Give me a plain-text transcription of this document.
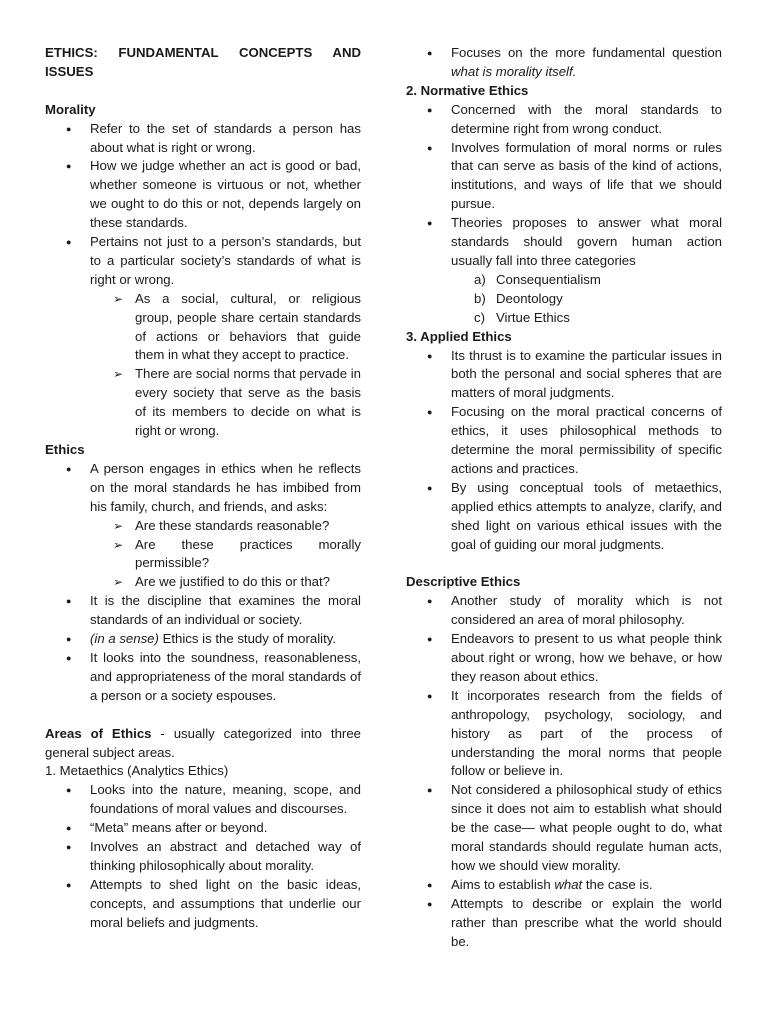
ETHICS: FUNDAMENTAL CONCEPTS AND

ISSUES

Morality

● Refer to the set of standards a person has about what is right or wrong.
● How we judge whether an act is good or bad, whether someone is virtuous or not, whether we ought to do this or not, depends largely on these standards.
● Pertains not just to a person’s standards, but to a particular society’s standards of what is right or wrong.
➢ As a social, cultural, or religious group, people share certain standards of actions or behaviors that guide them in what they accept to practice.
➢ There are social norms that pervade in every society that serve as the basis of its members to decide on what is right or wrong.

Ethics

● A person engages in ethics when he reflects on the moral standards he has imbibed from his family, church, and friends, and asks:
➢ Are these standards reasonable?
➢ Are these practices morally permissible?
➢ Are we justified to do this or that?
● It is the discipline that examines the moral standards of an individual or society.
● (in a sense) Ethics is the study of morality.
● It looks into the soundness, reasonableness, and appropriateness of the moral standards of a person or a society espouses.

Areas of Ethics - usually categorized into three general subject areas.

1. Metaethics (Analytics Ethics)

● Looks into the nature, meaning, scope, and foundations of moral values and discourses.
● “Meta” means after or beyond.
● Involves an abstract and detached way of thinking philosophically about morality.
● Attempts to shed light on the basic ideas, concepts, and assumptions that underlie our moral beliefs and judgments.
● Focuses on the more fundamental question what is morality itself.

2. Normative Ethics

● Concerned with the moral standards to determine right from wrong conduct.
● Involves formulation of moral norms or rules that can serve as basis of the kind of actions, institutions, and ways of life that we should pursue.
● Theories proposes to answer what moral standards should govern human action usually fall into three categories
a) Consequentialism
b) Deontology
c) Virtue Ethics

3. Applied Ethics

● Its thrust is to examine the particular issues in both the personal and social spheres that are matters of moral judgments.
● Focusing on the moral practical concerns of ethics, it uses philosophical methods to determine the moral permissibility of specific actions and practices.
● By using conceptual tools of metaethics, applied ethics attempts to analyze, clarify, and shed light on various ethical issues with the goal of guiding our moral judgments.

Descriptive Ethics

● Another study of morality which is not considered an area of moral philosophy.
● Endeavors to present to us what people think about right or wrong, how we behave, or how they reason about ethics.
● It incorporates research from the fields of anthropology, psychology, sociology, and history as part of the process of understanding the moral norms that people follow or believe in.
● Not considered a philosophical study of ethics since it does not aim to establish what should be the case— what people ought to do, what moral standards should regulate human acts, how we should view morality.
● Aims to establish what the case is.
● Attempts to describe or explain the world rather than prescribe what the world should be.
